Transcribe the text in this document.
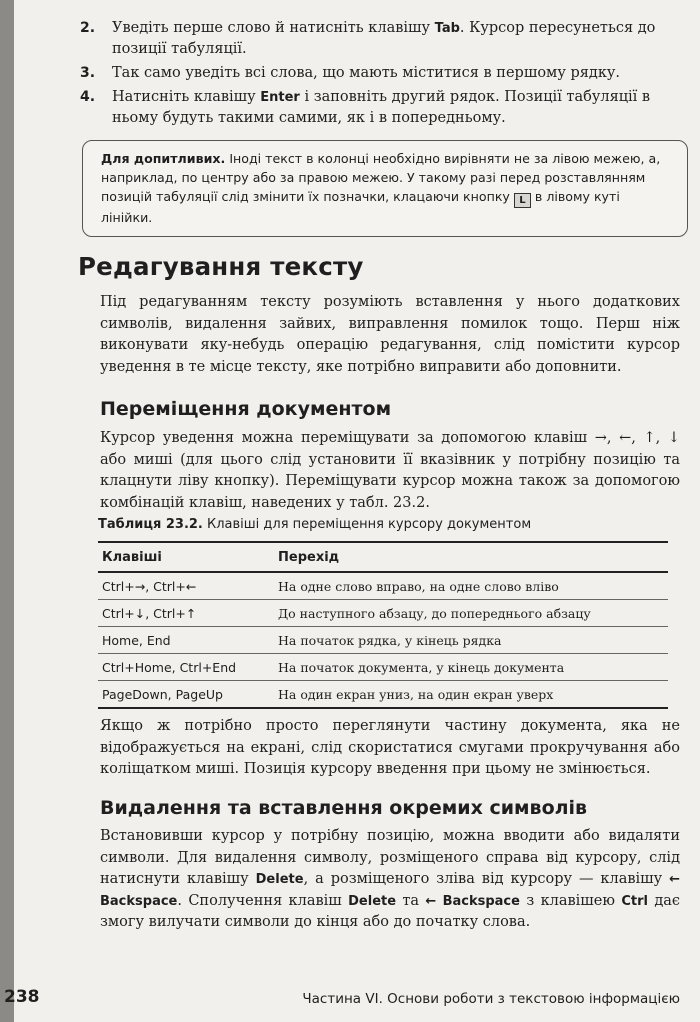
2. Уведіть перше слово й натисніть клавішу Tab. Курсор пересунеться до позиції табуляції.
3. Так само уведіть всі слова, що мають міститися в першому рядку.
4. Натисніть клавішу Enter і заповніть другий рядок. Позиції табуляції в ньому будуть такими самими, як і в попередньому.
Для допитливих. Іноді текст в колонці необхідно вирівняти не за лівою межею, а, наприклад, по центру або за правою межею. У такому разі перед розставлянням позицій табуляції слід змінити їх позначки, клацаючи кнопку L в лівому куті лінійки.
Редагування тексту

Під редагуванням тексту розуміють вставлення у нього додаткових символів, видалення зайвих, виправлення помилок тощо. Перш ніж виконувати яку-небудь операцію редагування, слід помістити курсор уведення в те місце тексту, яке потрібно виправити або доповнити.

Переміщення документом

Курсор уведення можна переміщувати за допомогою клавіш →, ←, ↑, ↓ або миші (для цього слід установити її вказівник у потрібну позицію та клацнути ліву кнопку). Переміщувати курсор можна також за допомогою комбінацій клавіш, наведених у табл. 23.2.

Таблиця 23.2. Клавіші для переміщення курсору документом

Клавіші	Перехід
Ctrl+→, Ctrl+←	На одне слово вправо, на одне слово вліво
Ctrl+↓, Ctrl+↑	До наступного абзацу, до попереднього абзацу
Home, End	На початок рядка, у кінець рядка
Ctrl+Home, Ctrl+End	На початок документа, у кінець документа
PageDown, PageUp	На один екран униз, на один екран уверх

Якщо ж потрібно просто переглянути частину документа, яка не відображується на екрані, слід скористатися смугами прокручування або коліщатком миші. Позиція курсору введення при цьому не змінюється.

Видалення та вставлення окремих символів

Встановивши курсор у потрібну позицію, можна вводити або видаляти символи. Для видалення символу, розміщеного справа від курсору, слід натиснути клавішу Delete, а розміщеного зліва від курсору — клавішу ← Backspace. Сполучення клавіш Delete та ← Backspace з клавішею Ctrl дає змогу вилучати символи до кінця або до початку слова.

238	Частина VI. Основи роботи з текстовою інформацією
